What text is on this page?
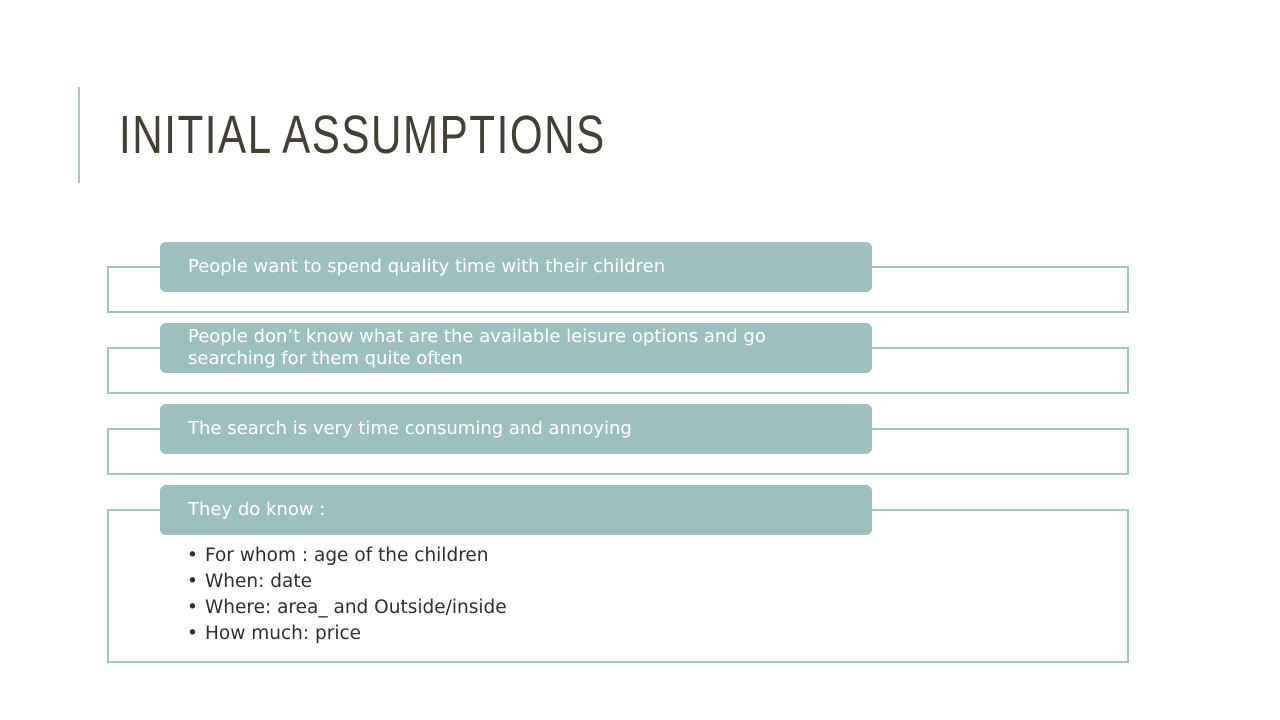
INITIAL ASSUMPTIONS
People want to spend quality time with their children
People don’t know what are the available leisure options and go searching for them quite often
The search is very time consuming and annoying
They do know :
• For whom : age of the children
• When: date
• Where: area_ and Outside/inside
• How much: price
